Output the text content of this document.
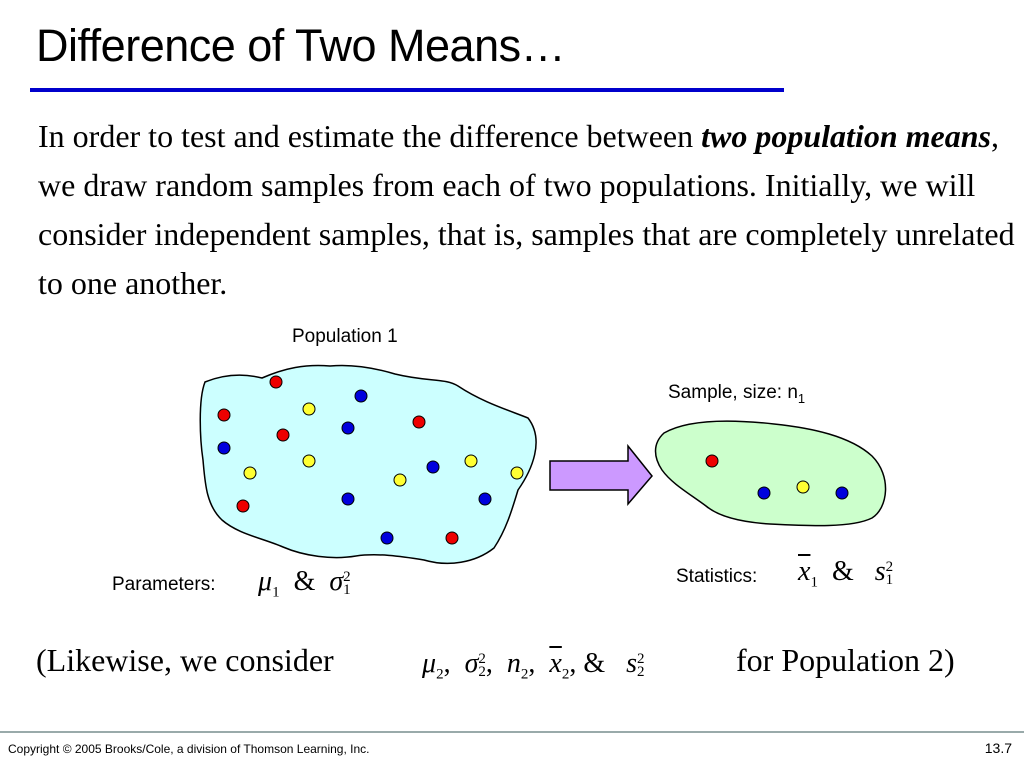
Difference of Two Means…
In order to test and estimate the difference between two population means, we draw random samples from each of two populations. Initially, we will consider independent samples, that is, samples that are completely unrelated to one another.
Population 1
Sample, size: $n_1$
Parameters: $\mu_1$  &  σ2
1
Statistics: $\overline{x}_1$  &   s2
1
(Likewise, we consider	$\mu_2$,  σ2
2,  $n_2$,  $\overline{x}_2$, &   s2
2	for Population 2)
Copyright © 2005 Brooks/Cole, a division of Thomson Learning, Inc.	13.7
